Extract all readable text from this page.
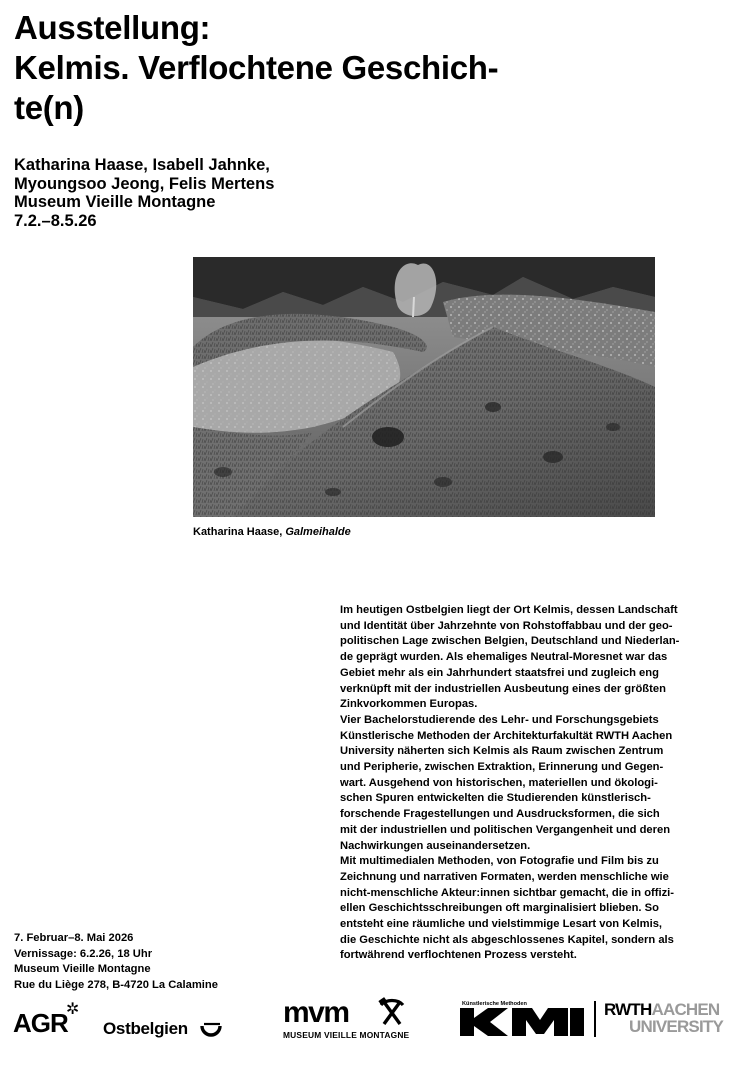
Ausstellung:
Kelmis. Verflochtene Geschich-
te(n)
Katharina Haase, Isabell Jahnke,
Myoungsoo Jeong, Felis Mertens
Museum Vieille Montagne
7.2.–8.5.26
Katharina Haase, Galmeihalde
Im heutigen Ostbelgien liegt der Ort Kelmis, dessen Landschaft
und Identität über Jahrzehnte von Rohstoffabbau und der geo-
politischen Lage zwischen Belgien, Deutschland und Niederlan-
de geprägt wurden. Als ehemaliges Neutral-Moresnet war das
Gebiet mehr als ein Jahrhundert staatsfrei und zugleich eng
verknüpft mit der industriellen Ausbeutung eines der größten
Zinkvorkommen Europas.
Vier Bachelorstudierende des Lehr- und Forschungsgebiets
Künstlerische Methoden der Architekturfakultät RWTH Aachen
University näherten sich Kelmis als Raum zwischen Zentrum
und Peripherie, zwischen Extraktion, Erinnerung und Gegen-
wart. Ausgehend von historischen, materiellen und ökologi-
schen Spuren entwickelten die Studierenden künstlerisch-
forschende Fragestellungen und Ausdrucksformen, die sich
mit der industriellen und politischen Vergangenheit und deren
Nachwirkungen auseinandersetzen.
Mit multimedialen Methoden, von Fotografie und Film bis zu
Zeichnung und narrativen Formaten, werden menschliche wie
nicht-menschliche Akteur:innen sichtbar gemacht, die in offizi-
ellen Geschichtsschreibungen oft marginalisiert blieben. So
entsteht eine räumliche und vielstimmige Lesart von Kelmis,
die Geschichte nicht als abgeschlossenes Kapitel, sondern als
fortwährend verflochtenen Prozess versteht.
7. Februar–8. Mai 2026
Vernissage: 6.2.26, 18 Uhr
Museum Vieille Montagne
Rue du Liège 278, B-4720 La Calamine
AGR
✲
Ostbelgien	mvm
MUSEUM VIEILLE MONTAGNE
Künstlerische Methoden	RWTHAACHEN
UNIVERSITY
